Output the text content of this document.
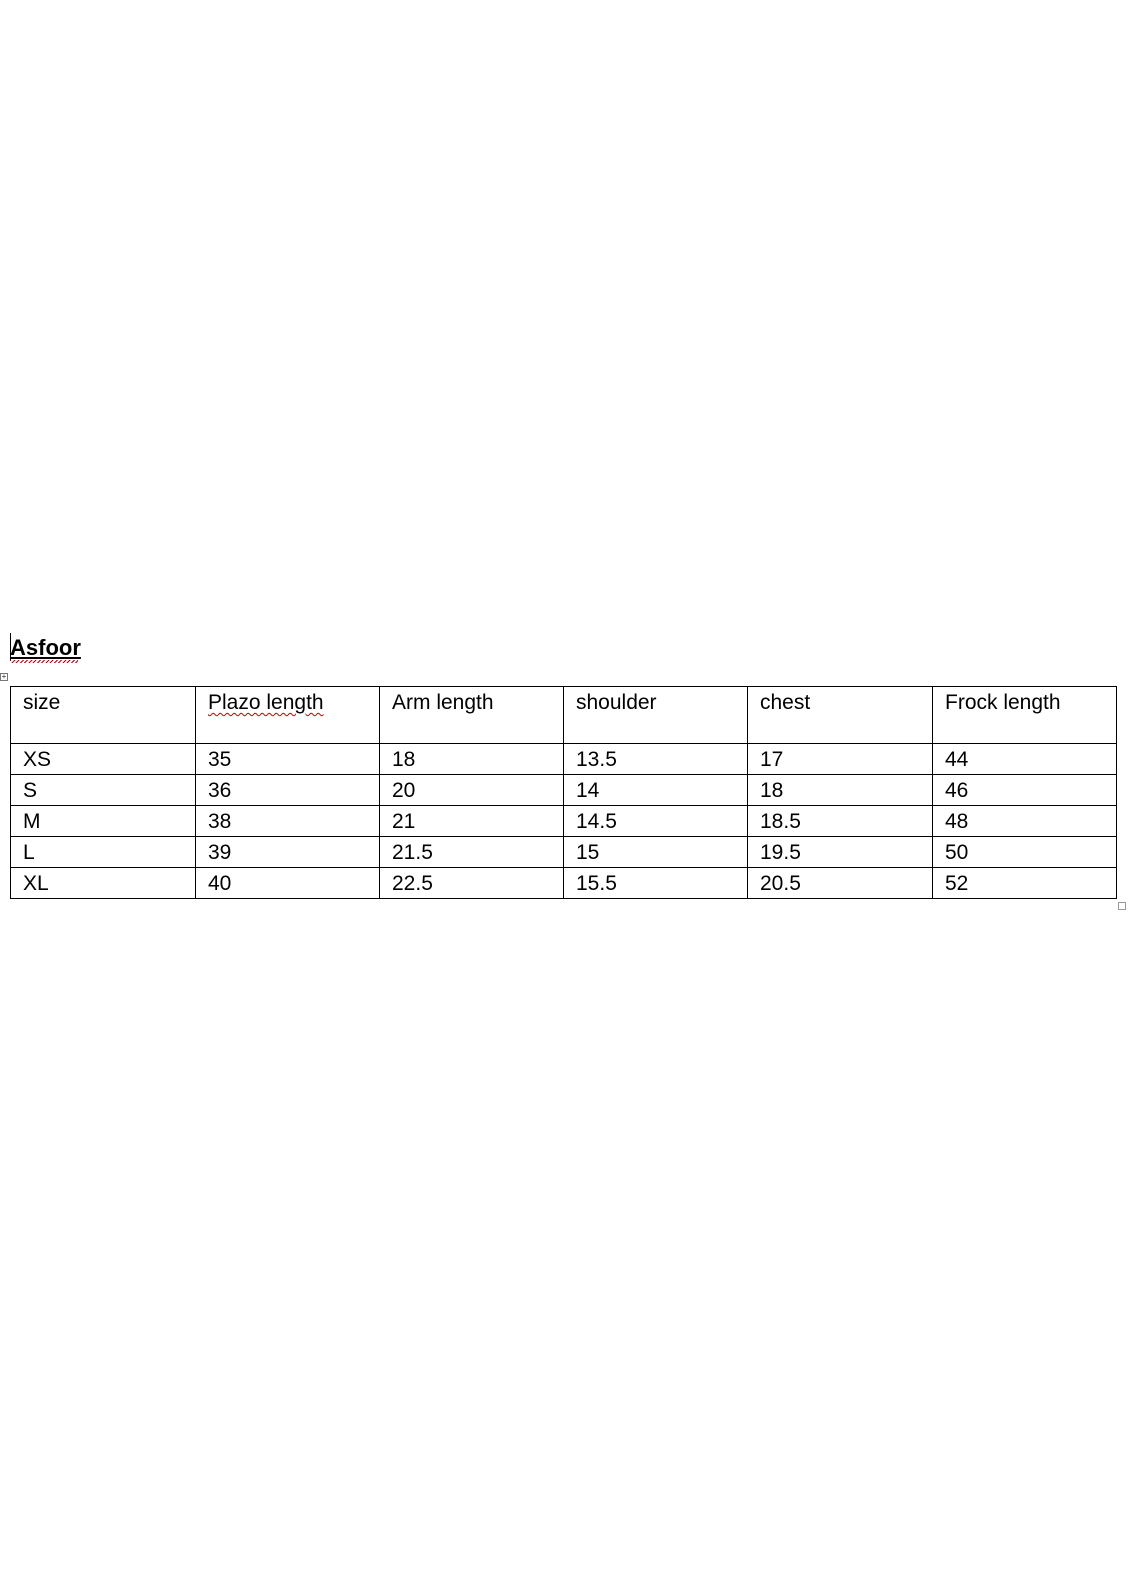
Asfoor
+
size	Plazo length	Arm length	shoulder	chest	Frock length
XS	35	18	13.5	17	44
S	36	20	14	18	46
M	38	21	14.5	18.5	48
L	39	21.5	15	19.5	50
XL	40	22.5	15.5	20.5	52
